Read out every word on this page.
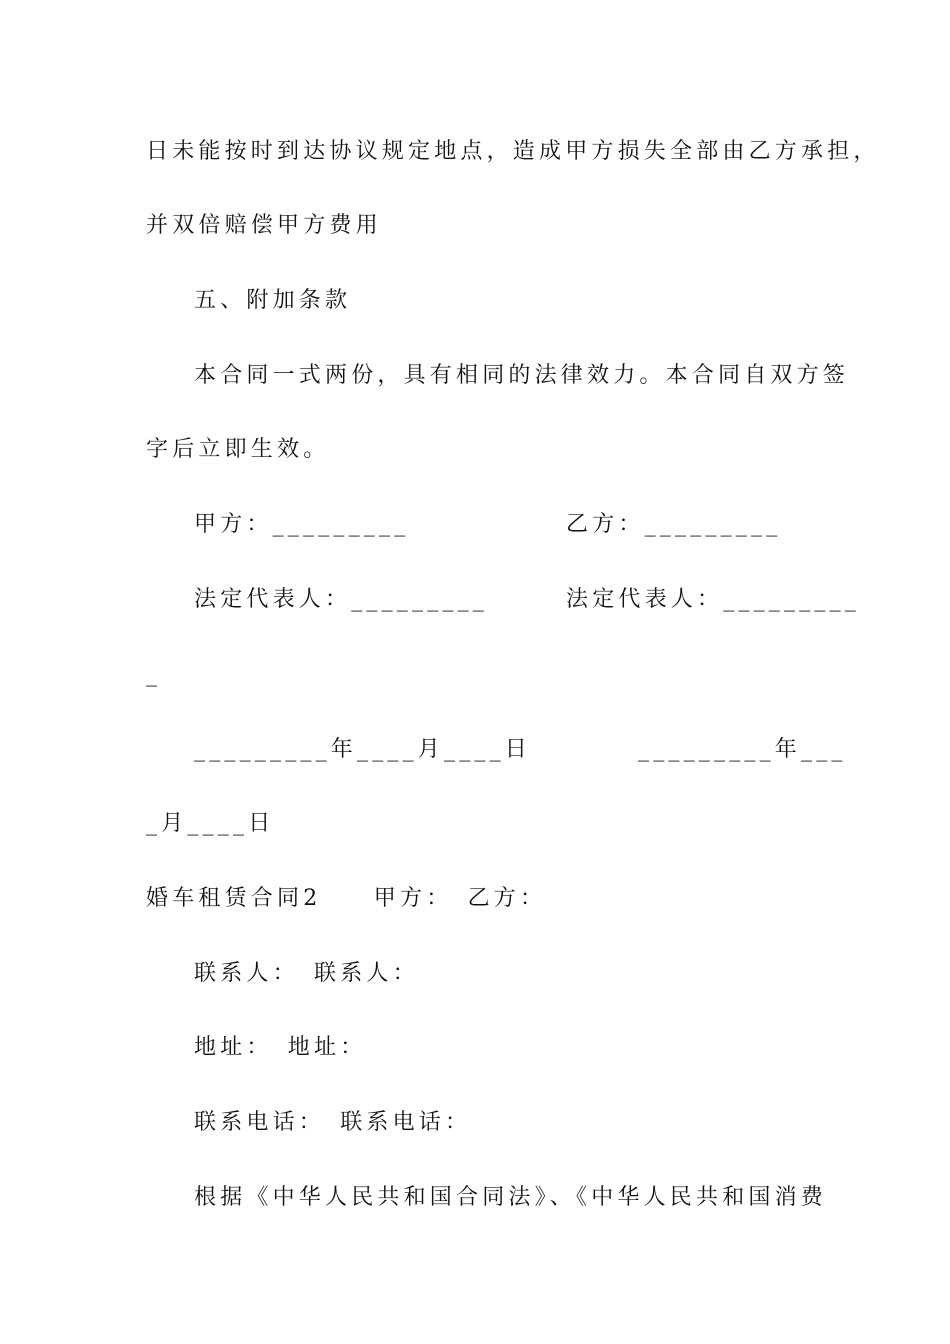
日未能按时到达协议规定地点，造成甲方损失全部由乙方承担，
并双倍赔偿甲方费用
五、附加条款
本合同一式两份，具有相同的法律效力。本合同自双方签
字后立即生效。
甲方：_________	乙方：_________
法定代表人：_________	法定代表人：_________
_
_________年____月____日	_________年___
_月____日
婚车租赁合同2　　甲方：　乙方：
联系人：　联系人：
地址：　地址：
联系电话：　联系电话：
根据《中华人民共和国合同法》、《中华人民共和国消费
